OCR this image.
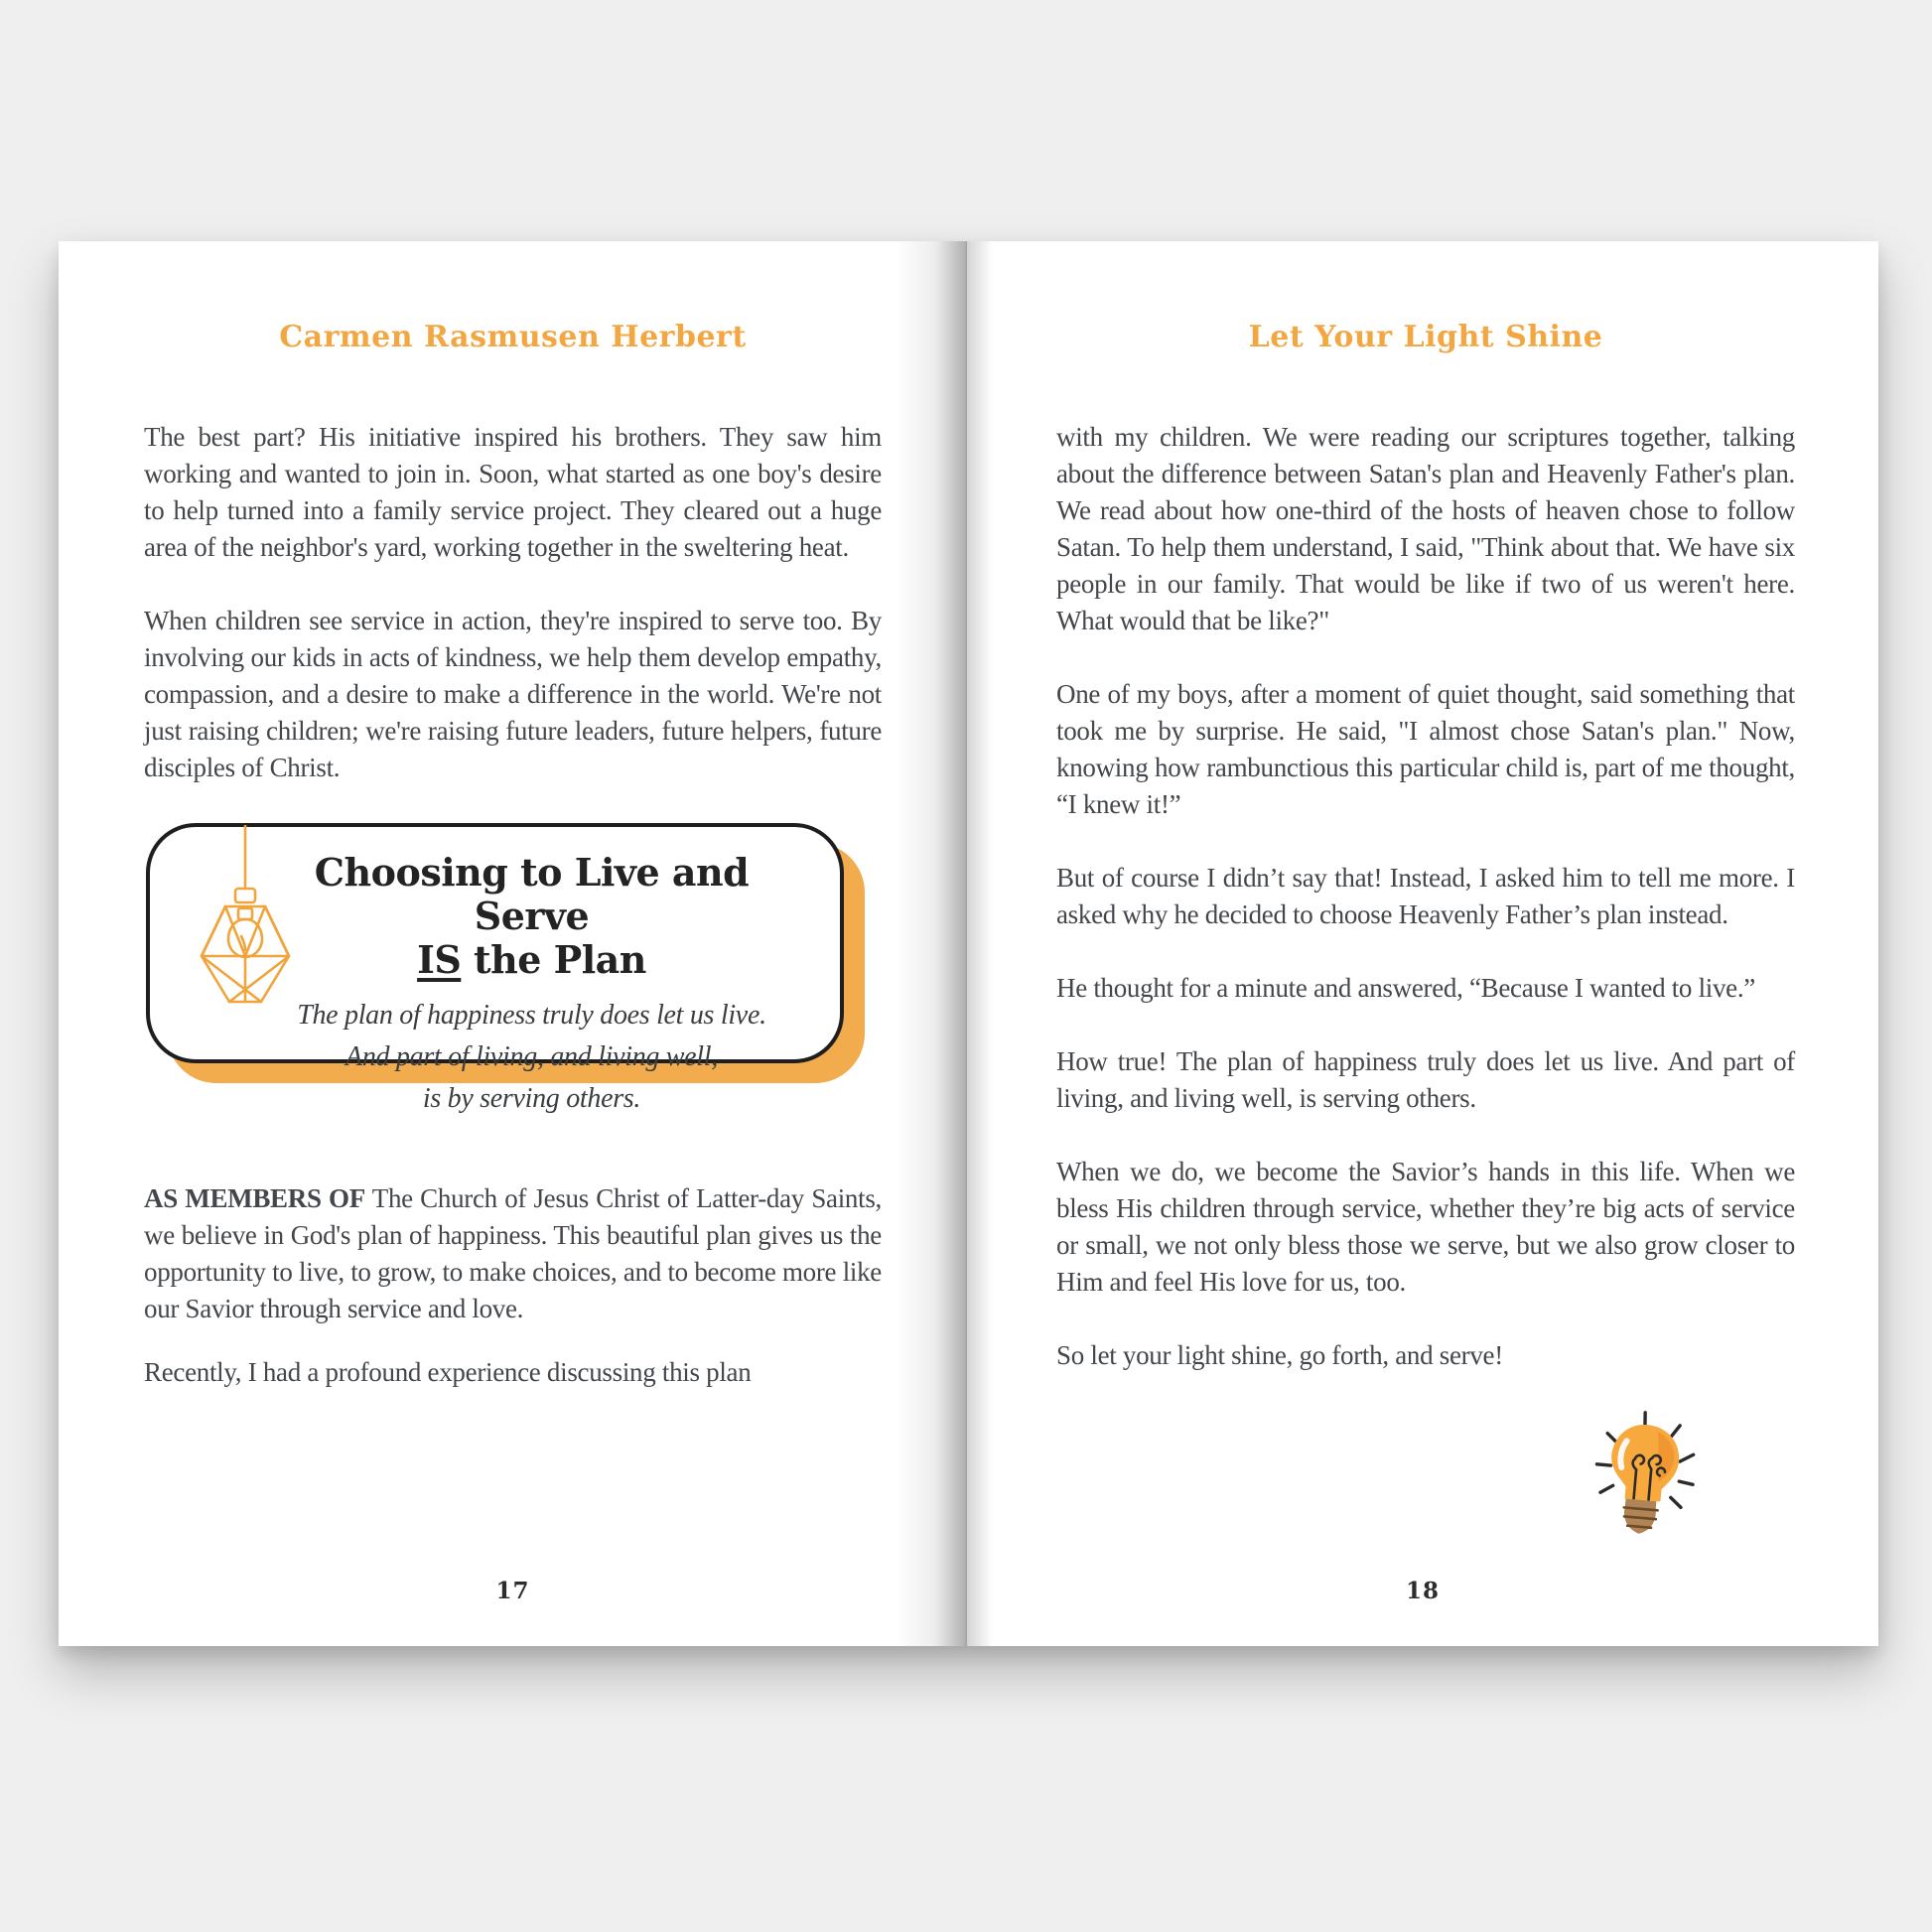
Carmen Rasmusen Herbert

The best part? His initiative inspired his brothers. They saw him working and wanted to join in. Soon, what started as one boy's desire to help turned into a family service project. They cleared out a huge area of the neighbor's yard, working together in the sweltering heat.

When children see service in action, they're inspired to serve too. By involving our kids in acts of kindness, we help them develop empathy, compassion, and a desire to make a difference in the world. We're not just raising children; we're raising future leaders, future helpers, future disciples of Christ.

Choosing to Live and Serve
IS the Plan
The plan of happiness truly does let us live.
And part of living, and living well,
is by serving others.

AS MEMBERS OF The Church of Jesus Christ of Latter-day Saints, we believe in God's plan of happiness. This beautiful plan gives us the opportunity to live, to grow, to make choices, and to become more like our Savior through service and love.

Recently, I had a profound experience discussing this plan

17
Let Your Light Shine

with my children. We were reading our scriptures together, talking about the difference between Satan's plan and Heavenly Father's plan. We read about how one-third of the hosts of heaven chose to follow Satan. To help them understand, I said, "Think about that. We have six people in our family. That would be like if two of us weren't here. What would that be like?"

One of my boys, after a moment of quiet thought, said something that took me by surprise. He said, "I almost chose Satan's plan." Now, knowing how rambunctious this particular child is, part of me thought, “I knew it!”

But of course I didn’t say that! Instead, I asked him to tell me more. I asked why he decided to choose Heavenly Father’s plan instead.

He thought for a minute and answered, “Because I wanted to live.”

How true! The plan of happiness truly does let us live. And part of living, and living well, is serving others.

When we do, we become the Savior’s hands in this life. When we bless His children through service, whether they’re big acts of service or small, we not only bless those we serve, but we also grow closer to Him and feel His love for us, too.

So let your light shine, go forth, and serve!

18
